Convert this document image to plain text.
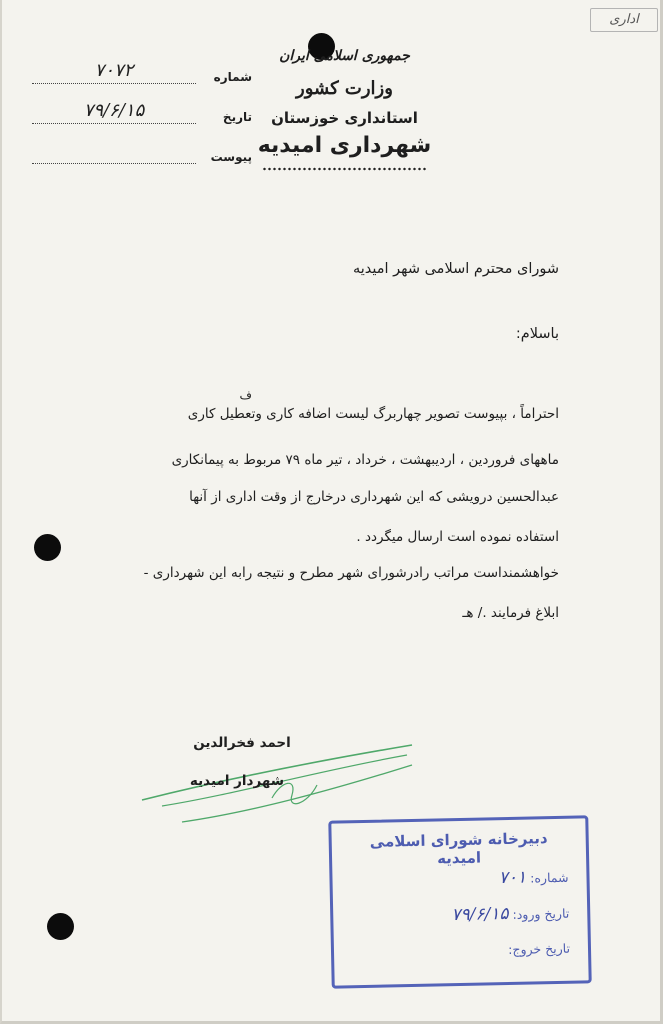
اداری
جمهوری اسلامی ایران
وزارت کشور
استانداری خوزستان
شهرداری امیدیه
شماره
۷۰۷۲
تاریخ
۷۹/۶/۱۵
پیوست
شورای محترم اسلامی شهر امیدیه
باسلام:
ف
احتراماً ، بپیوست تصویر چهاربرگ لیست اضافه کاری وتعطیل کاری
ماههای فروردین ، اردیبهشت ، خرداد ، تیر ماه ۷۹ مربوط به پیمانکاری
عبدالحسین درویشی که این شهرداری درخارج از وقت اداری از آنها
استفاده نموده است ارسال میگردد .
خواهشمنداست مراتب رادرشورای شهر مطرح و نتیجه رابه این شهرداری -
ابلاغ فرمایند ./ هـ
احمد فخرالدین
شهردار امیدیه
دبیرخانه شورای اسلامی امیدیه
شماره: ۷۰۱
تاریخ ورود: ۷۹/۶/۱۵
تاریخ خروج:
